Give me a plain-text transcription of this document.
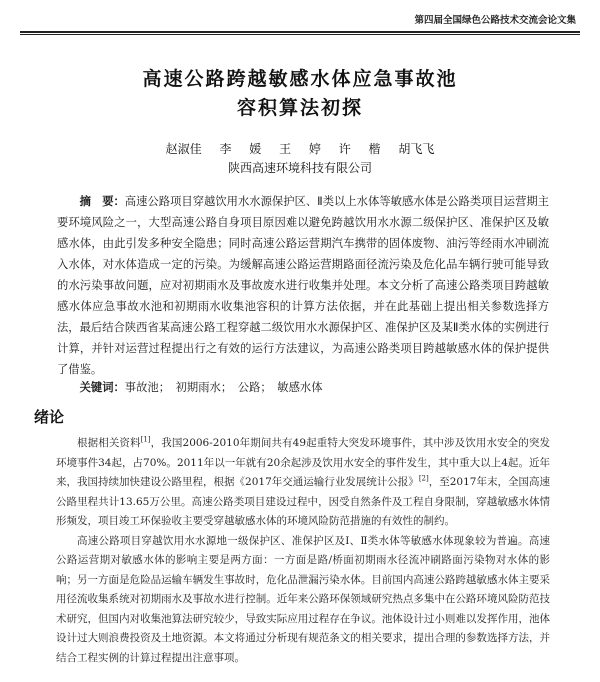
第四届全国绿色公路技术交流会论文集
高速公路跨越敏感水体应急事故池
容积算法初探
赵淑佳 李 媛 王 婷 许 楷 胡飞飞
陕西高速环境科技有限公司
摘　要：高速公路项目穿越饮用水水源保护区、Ⅱ类以上水体等敏感水体是公路类项目运营期主要环境风险之一，大型高速公路自身项目原因难以避免跨越饮用水水源二级保护区、准保护区及敏感水体，由此引发多种安全隐患；同时高速公路运营期汽车携带的固体废物、油污等经雨水冲刷流入水体，对水体造成一定的污染。为缓解高速公路运营期路面径流污染及危化品车辆行驶可能导致的水污染事故问题，应对初期雨水及事故废水进行收集并处理。本文分析了高速公路类项目跨越敏感水体应急事故水池和初期雨水收集池容积的计算方法依据，并在此基础上提出相关参数选择方法，最后结合陕西省某高速公路工程穿越二级饮用水水源保护区、准保护区及某Ⅱ类水体的实例进行计算，并针对运营过程提出行之有效的运行方法建议，为高速公路类项目跨越敏感水体的保护提供了借鉴。
关键词：事故池；　初期雨水；　公路；　敏感水体
绪论

根据相关资料[1]，我国2006-2010年期间共有49起重特大突发环境事件，其中涉及饮用水安全的突发环境事件34起，占70%。2011年以一年就有20余起涉及饮用水安全的事件发生，其中重大以上4起。近年来，我国持续加快建设公路里程，根据《2017年交通运输行业发展统计公报》[2]，至2017年末，全国高速公路里程共计13.65万公里。高速公路类项目建设过程中，因受自然条件及工程自身限制，穿越敏感水体情形频发，项目竣工环保验收主要受穿越敏感水体的环境风险防范措施的有效性的制约。

高速公路项目穿越饮用水水源地一级保护区、准保护区及Ⅰ、Ⅱ类水体等敏感水体现象较为普遍。高速公路运营期对敏感水体的影响主要是两方面：一方面是路/桥面初期雨水径流冲刷路面污染物对水体的影响；另一方面是危险品运输车辆发生事故时，危化品泄漏污染水体。目前国内高速公路跨越敏感水体主要采用径流收集系统对初期雨水及事故水进行控制。近年来公路环保领域研究热点多集中在公路环境风险防范技术研究，但国内对收集池算法研究较少，导致实际应用过程存在争议。池体设计过小则难以发挥作用，池体设计过大则浪费投资及土地资源。本文将通过分析现有规范条文的相关要求，提出合理的参数选择方法，并结合工程实例的计算过程提出注意事项。
